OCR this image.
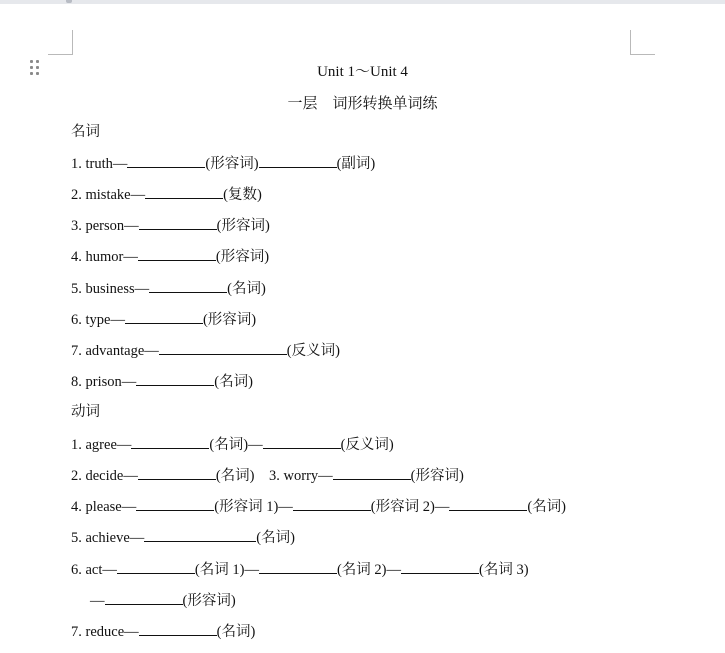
Unit 1～Unit 4
一层　词形转换单词练
名词
1. truth—	(形容词)	(副词)
2. mistake—	(复数)
3. person—	(形容词)
4. humor—	(形容词)
5. business—	(名词)
6. type—	(形容词)
7. advantage—	(反义词)
8. prison—	(名词)
动词
1. agree—	(名词)—	(反义词)
2. decide—	(名词) 3. worry—	(形容词)
4. please—	(形容词 1)—	(形容词 2)—	(名词)
5. achieve—	(名词)
6. act—	(名词 1)—	(名词 2)—	(名词 3)
—	(形容词)
7. reduce—	(名词)
